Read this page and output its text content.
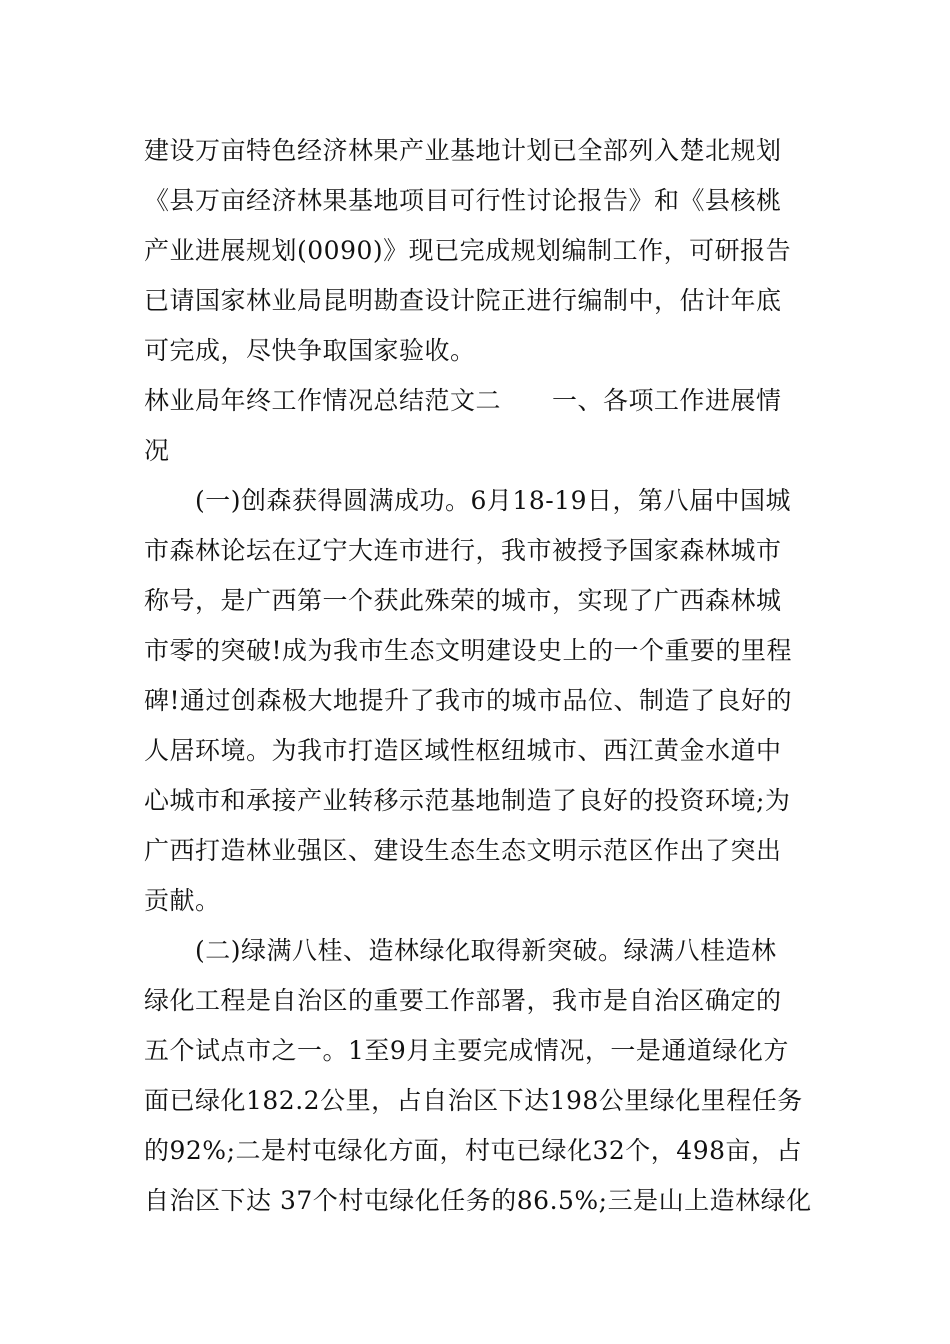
建设万亩特色经济林果产业基地计划已全部列入楚北规划
《县万亩经济林果基地项目可行性讨论报告》和《县核桃
产业进展规划(0090)》现已完成规划编制工作，可研报告
已请国家林业局昆明勘查设计院正进行编制中，估计年底
可完成，尽快争取国家验收。
林业局年终工作情况总结范文二　　一、各项工作进展情
况
　　(一)创森获得圆满成功。6月18-19日，第八届中国城
市森林论坛在辽宁大连市进行，我市被授予国家森林城市
称号，是广西第一个获此殊荣的城市，实现了广西森林城
市零的突破!成为我市生态文明建设史上的一个重要的里程
碑!通过创森极大地提升了我市的城市品位、制造了良好的
人居环境。为我市打造区域性枢纽城市、西江黄金水道中
心城市和承接产业转移示范基地制造了良好的投资环境;为
广西打造林业强区、建设生态生态文明示范区作出了突出
贡献。
　　(二)绿满八桂、造林绿化取得新突破。绿满八桂造林
绿化工程是自治区的重要工作部署，我市是自治区确定的
五个试点市之一。1至9月主要完成情况，一是通道绿化方
面已绿化182.2公里，占自治区下达198公里绿化里程任务
的92%;二是村屯绿化方面，村屯已绿化32个，498亩，占
自治区下达 37个村屯绿化任务的86.5%;三是山上造林绿化
